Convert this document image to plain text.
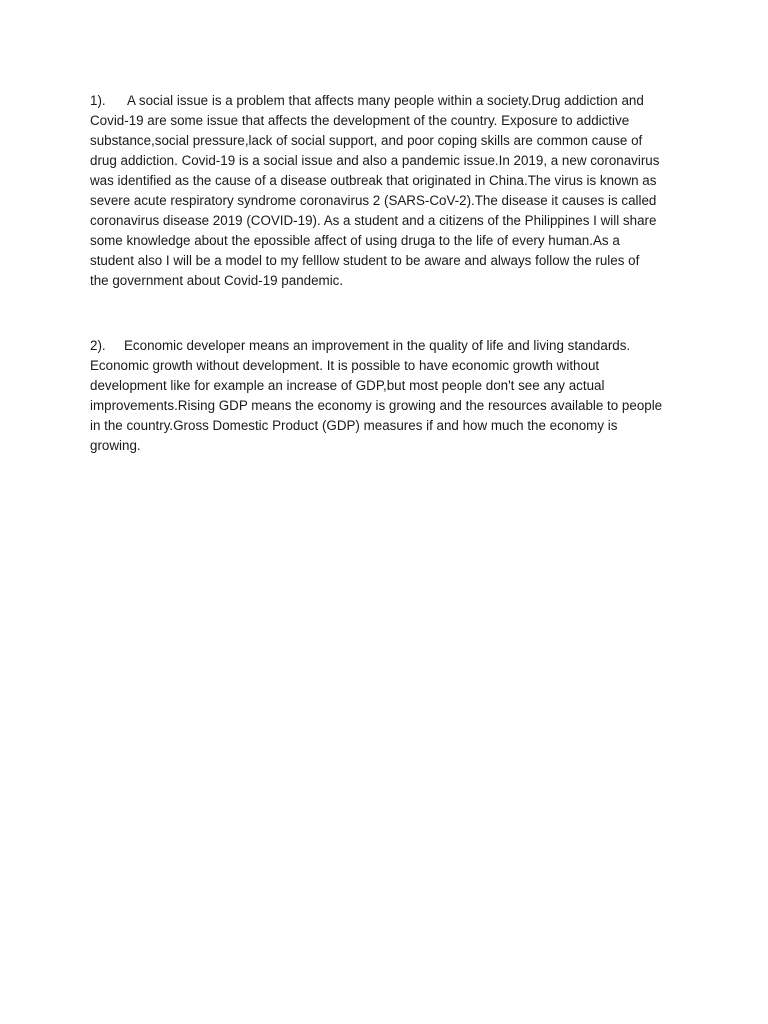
1). A social issue is a problem that affects many people within a society.Drug addiction and
Covid-19 are some issue that affects the development of the country. Exposure to addictive
substance,social pressure,lack of social support, and poor coping skills are common cause of
drug addiction. Covid-19 is a social issue and also a pandemic issue.In 2019, a new coronavirus
was identified as the cause of a disease outbreak that originated in China.The virus is known as
severe acute respiratory syndrome coronavirus 2 (SARS-CoV-2).The disease it causes is called
coronavirus disease 2019 (COVID-19). As a student and a citizens of the Philippines I will share
some knowledge about the epossible affect of using druga to the life of every human.As a
student also I will be a model to my felllow student to be aware and always follow the rules of
the government about Covid-19 pandemic.
2). Economic developer means an improvement in the quality of life and living standards.
Economic growth without development. It is possible to have economic growth without
development like for example an increase of GDP,but most people don't see any actual
improvements.Rising GDP means the economy is growing and the resources available to people
in the country.Gross Domestic Product (GDP) measures if and how much the economy is
growing.
